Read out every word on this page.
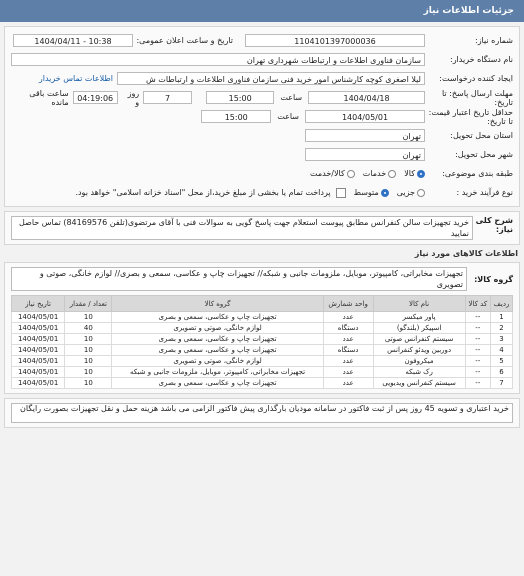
جزئیات اطلاعات نیاز
شماره نیاز:
1104101397000036
تاریخ و ساعت اعلان عمومی:
1404/04/11 - 10:38
نام دستگاه خریدار:
سازمان فناوری اطلاعات و ارتباطات شهرداری تهران
ایجاد کننده درخواست:
لیلا اصغری کوچه کارشناس امور خرید فنی سازمان فناوری اطلاعات و ارتباطات ش
اطلاعات تماس خریدار
مهلت ارسال پاسخ: تا تاریخ:
1404/04/18
ساعت
15:00
7
روز و
04:19:06
ساعت باقی مانده
حداقل تاریخ اعتبار قیمت: تا تاریخ:
1404/05/01
ساعت
15:00
استان محل تحویل:
تهران
شهر محل تحویل:
تهران
طبقه بندی موضوعی:
کالا
خدمات
کالا/خدمت
نوع فرآیند خرید :
جزیی
متوسط
پرداخت تمام یا بخشی از مبلغ خرید،از محل "اسناد خزانه اسلامی" خواهد بود.
شرح کلی نیاز:
خرید تجهیزات سالن کنفرانس مطابق پیوست استعلام جهت پاسخ گویی به سوالات فنی با آقای مرتضوی(تلفن 84169576) تماس حاصل نمایید
اطلاعات کالاهای مورد نیاز
گروه کالا:
تجهیزات مخابراتی، کامپیوتر، موبایل، ملزومات جانبی و شبکه// تجهیزات چاپ و عکاسی، سمعی و بصری// لوازم خانگی، صوتی و تصویری
ردیف	کد کالا	نام کالا	واحد شمارش	گروه کالا	تعداد / مقدار	تاریخ نیاز
1	--	پاور میکسر	عدد	تجهیزات چاپ و عکاسی، سمعی و بصری	10	1404/05/01
2	--	اسپیکر (بلندگو)	دستگاه	لوازم خانگی، صوتی و تصویری	40	1404/05/01
3	--	سیستم کنفرانس صوتی	عدد	تجهیزات چاپ و عکاسی، سمعی و بصری	10	1404/05/01
4	--	دوربین ویدئو کنفرانس	دستگاه	تجهیزات چاپ و عکاسی، سمعی و بصری	10	1404/05/01
5	--	میکروفون	عدد	لوازم خانگی، صوتی و تصویری	10	1404/05/01
6	--	رک شبکه	عدد	تجهیزات مخابراتی، کامپیوتر، موبایل، ملزومات جانبی و شبکه	10	1404/05/01
7	--	سیستم کنفرانس ویدیویی	عدد	تجهیزات چاپ و عکاسی، سمعی و بصری	10	1404/05/01
خرید اعتباری و تسویه 45 روز پس از ثبت فاکتور در سامانه مودیان بارگذاری پیش فاکتور الزامی می باشد هزینه حمل و نقل تجهیزات بصورت رایگان
